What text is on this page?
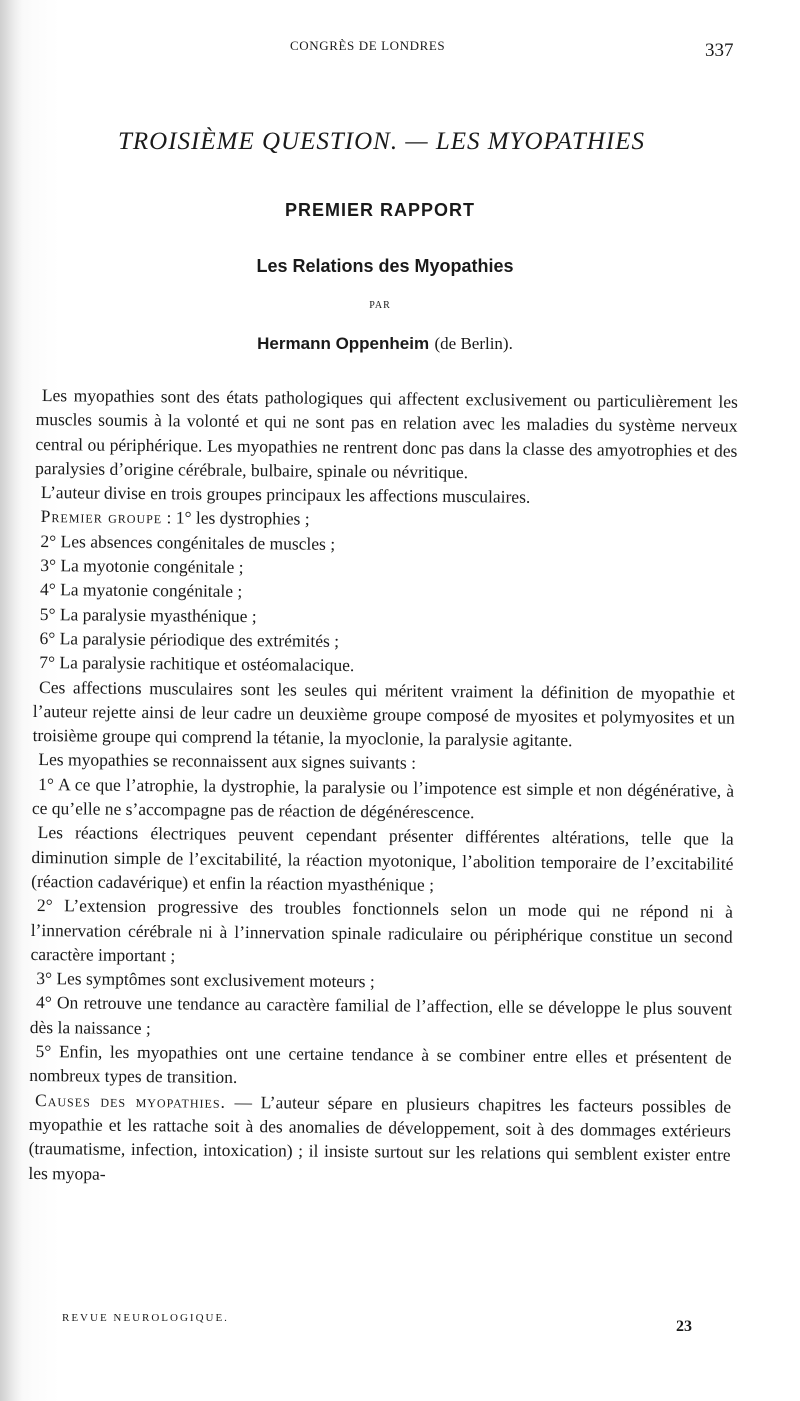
CONGRÈS DE LONDRES	337
TROISIÈME QUESTION. — LES MYOPATHIES
PREMIER RAPPORT
Les Relations des Myopathies
PAR
Hermann Oppenheim (de Berlin).

Les myopathies sont des états pathologiques qui affectent exclusivement ou particulièrement les muscles soumis à la volonté et qui ne sont pas en relation avec les maladies du système nerveux central ou périphérique. Les myopathies ne rentrent donc pas dans la classe des amyotrophies et des paralysies d’origine cérébrale, bulbaire, spinale ou névritique.

L’auteur divise en trois groupes principaux les affections musculaires.

Premier groupe : 1° les dystrophies ;

2° Les absences congénitales de muscles ;

3° La myotonie congénitale ;

4° La myatonie congénitale ;

5° La paralysie myasthénique ;

6° La paralysie périodique des extrémités ;

7° La paralysie rachitique et ostéomalacique.

Ces affections musculaires sont les seules qui méritent vraiment la définition de myopathie et l’auteur rejette ainsi de leur cadre un deuxième groupe composé de myosites et polymyosites et un troisième groupe qui comprend la tétanie, la myoclonie, la paralysie agitante.

Les myopathies se reconnaissent aux signes suivants :

1° A ce que l’atrophie, la dystrophie, la paralysie ou l’impotence est simple et non dégénérative, à ce qu’elle ne s’accompagne pas de réaction de dégénérescence.

Les réactions électriques peuvent cependant présenter différentes altérations, telle que la diminution simple de l’excitabilité, la réaction myotonique, l’abolition temporaire de l’excitabilité (réaction cadavérique) et enfin la réaction myasthénique ;

2° L’extension progressive des troubles fonctionnels selon un mode qui ne répond ni à l’innervation cérébrale ni à l’innervation spinale radiculaire ou périphérique constitue un second caractère important ;

3° Les symptômes sont exclusivement moteurs ;

4° On retrouve une tendance au caractère familial de l’affection, elle se développe le plus souvent dès la naissance ;

5° Enfin, les myopathies ont une certaine tendance à se combiner entre elles et présentent de nombreux types de transition.

Causes des myopathies. — L’auteur sépare en plusieurs chapitres les facteurs possibles de myopathie et les rattache soit à des anomalies de développement, soit à des dommages extérieurs (traumatisme, infection, intoxication) ; il insiste surtout sur les relations qui semblent exister entre les myopa-

REVUE NEUROLOGIQUE.	23
